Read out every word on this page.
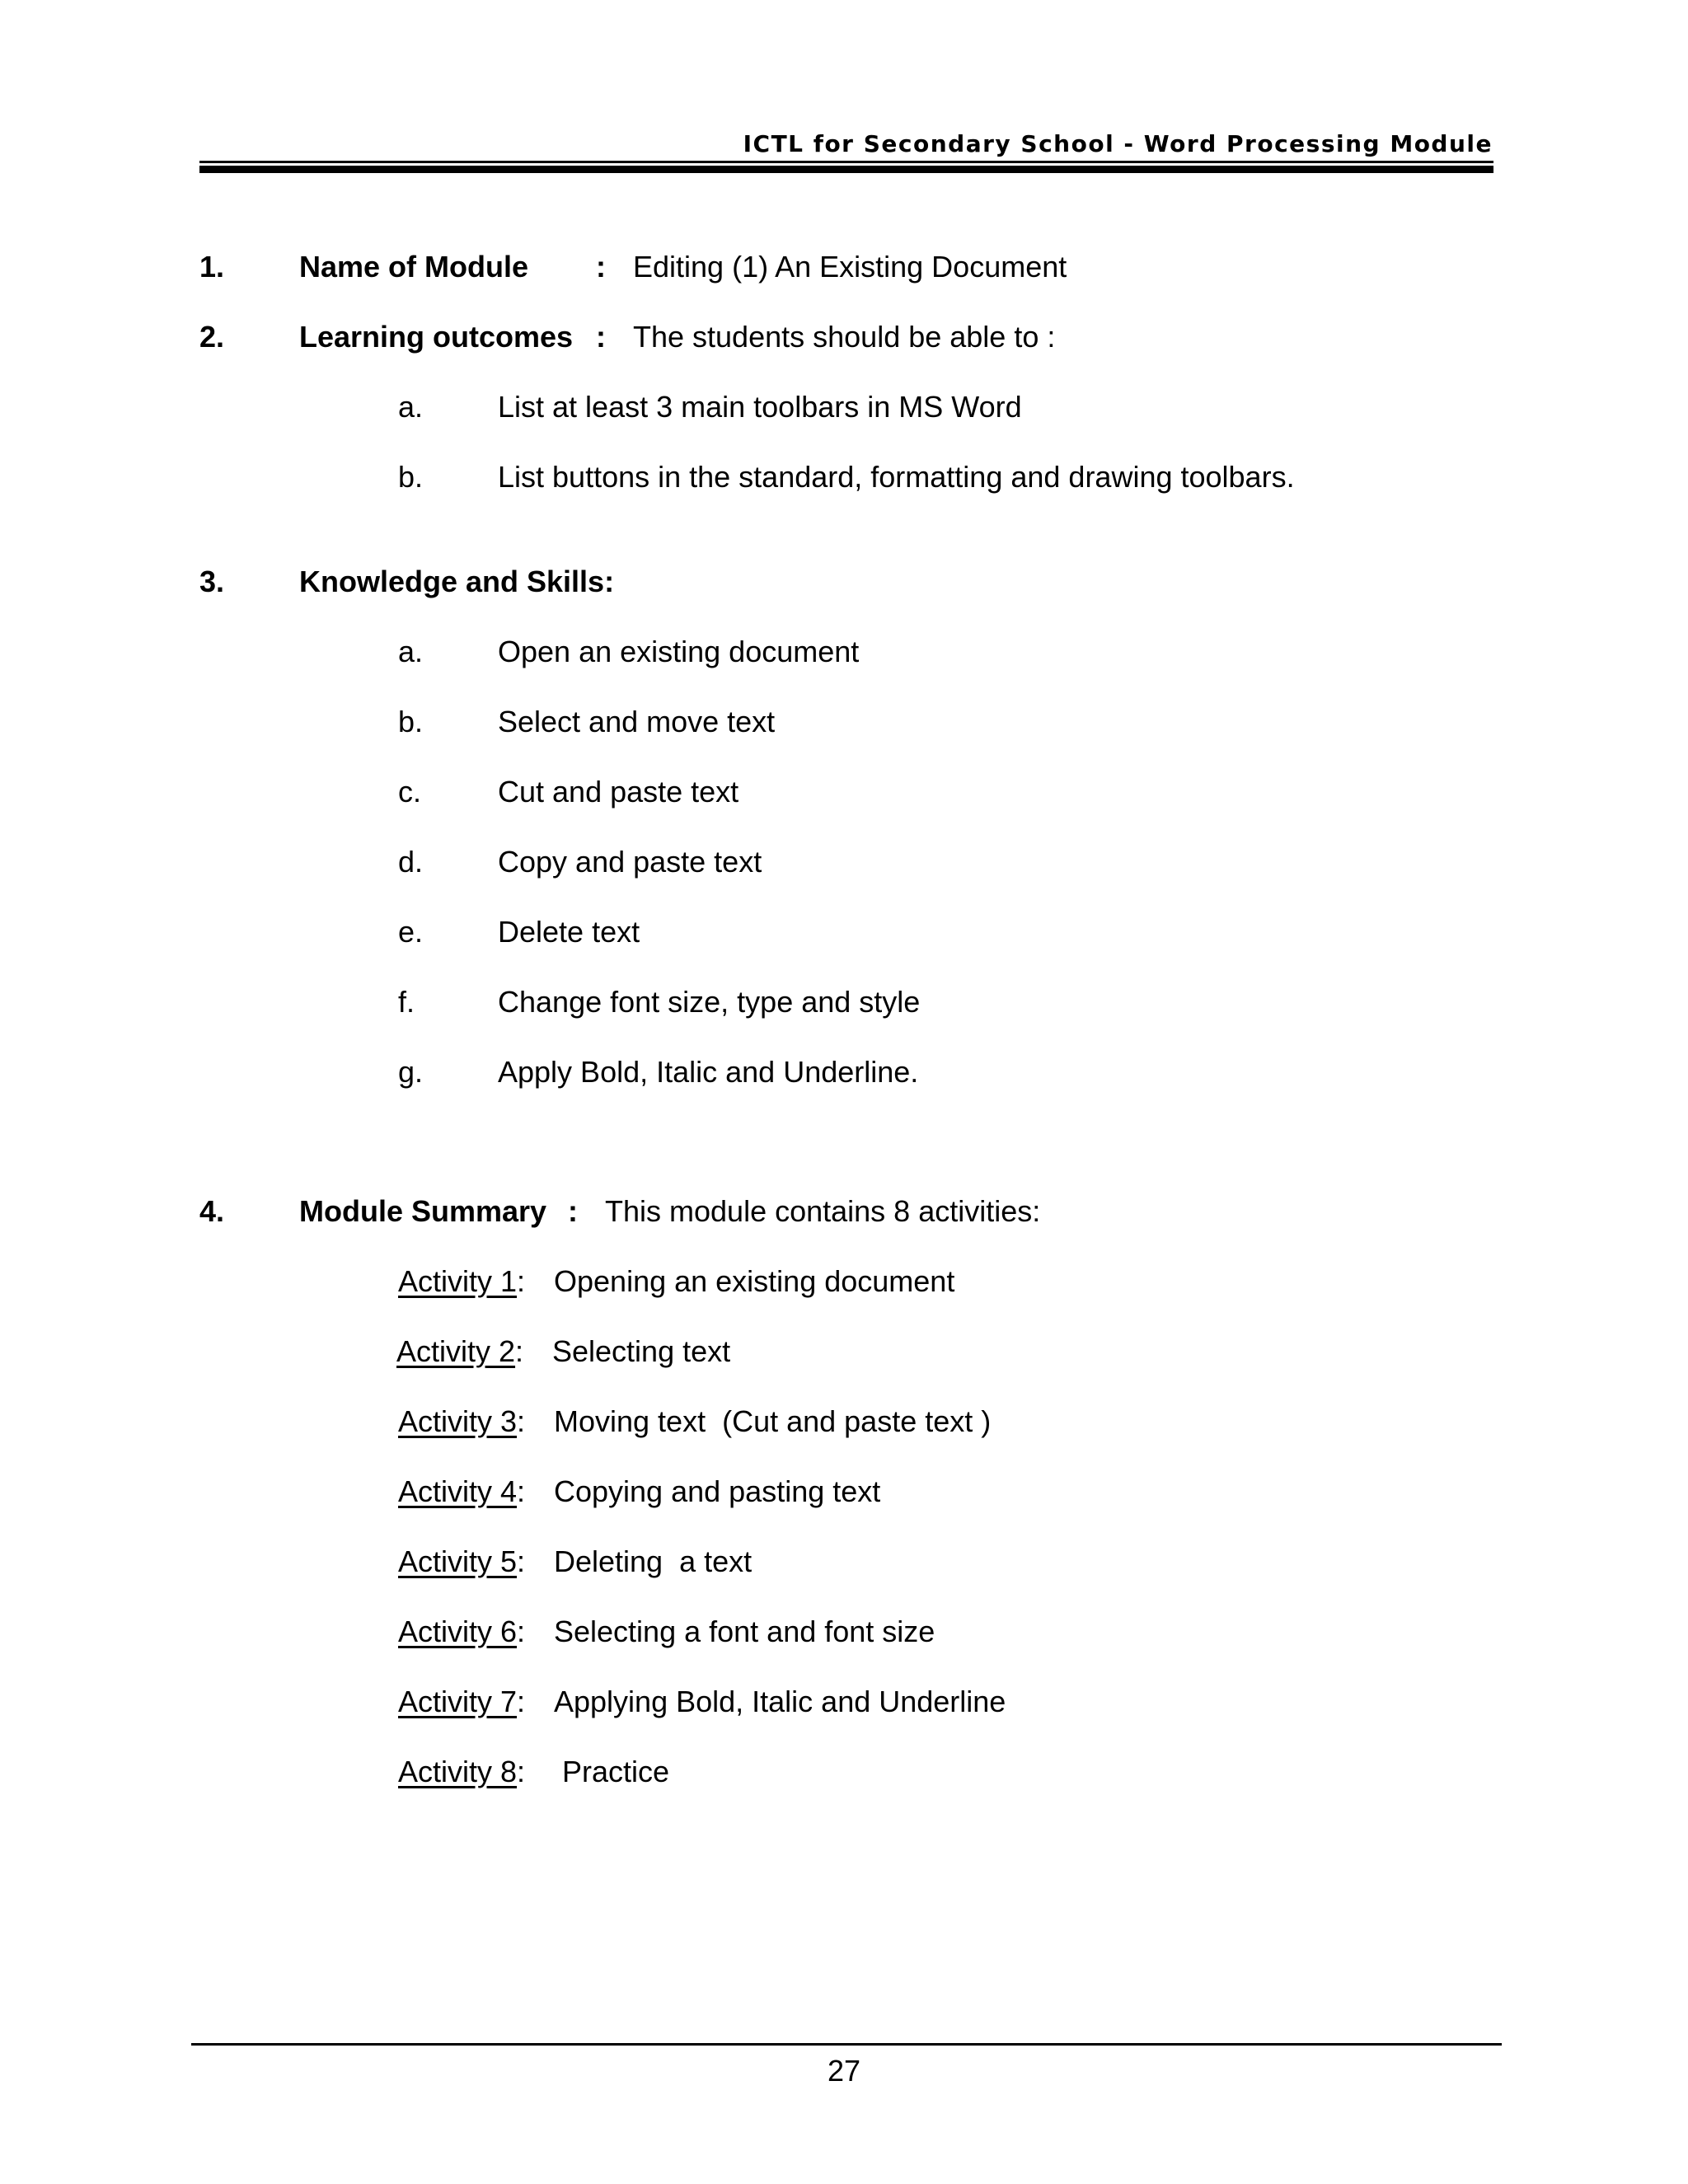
ICTL for Secondary School - Word Processing Module
1.	Name of Module : Editing (1) An Existing Document
2.	Learning outcomes : The students should be able to :
a.	List at least 3 main toolbars in MS Word
b.	List buttons in the standard, formatting and drawing toolbars.
3.	Knowledge and Skills:
a.	Open an existing document
b.	Select and move text
c.	Cut and paste text
d.	Copy and paste text
e.	Delete text
f.	Change font size, type and style
g.	Apply Bold, Italic and Underline.
4.	Module Summary : This module contains 8 activities:
Activity 1: Opening an existing document
Activity 2: Selecting text
Activity 3: Moving text  (Cut and paste text )
Activity 4: Copying and pasting text
Activity 5: Deleting  a text
Activity 6: Selecting a font and font size
Activity 7: Applying Bold, Italic and Underline
Activity 8: Practice
27
